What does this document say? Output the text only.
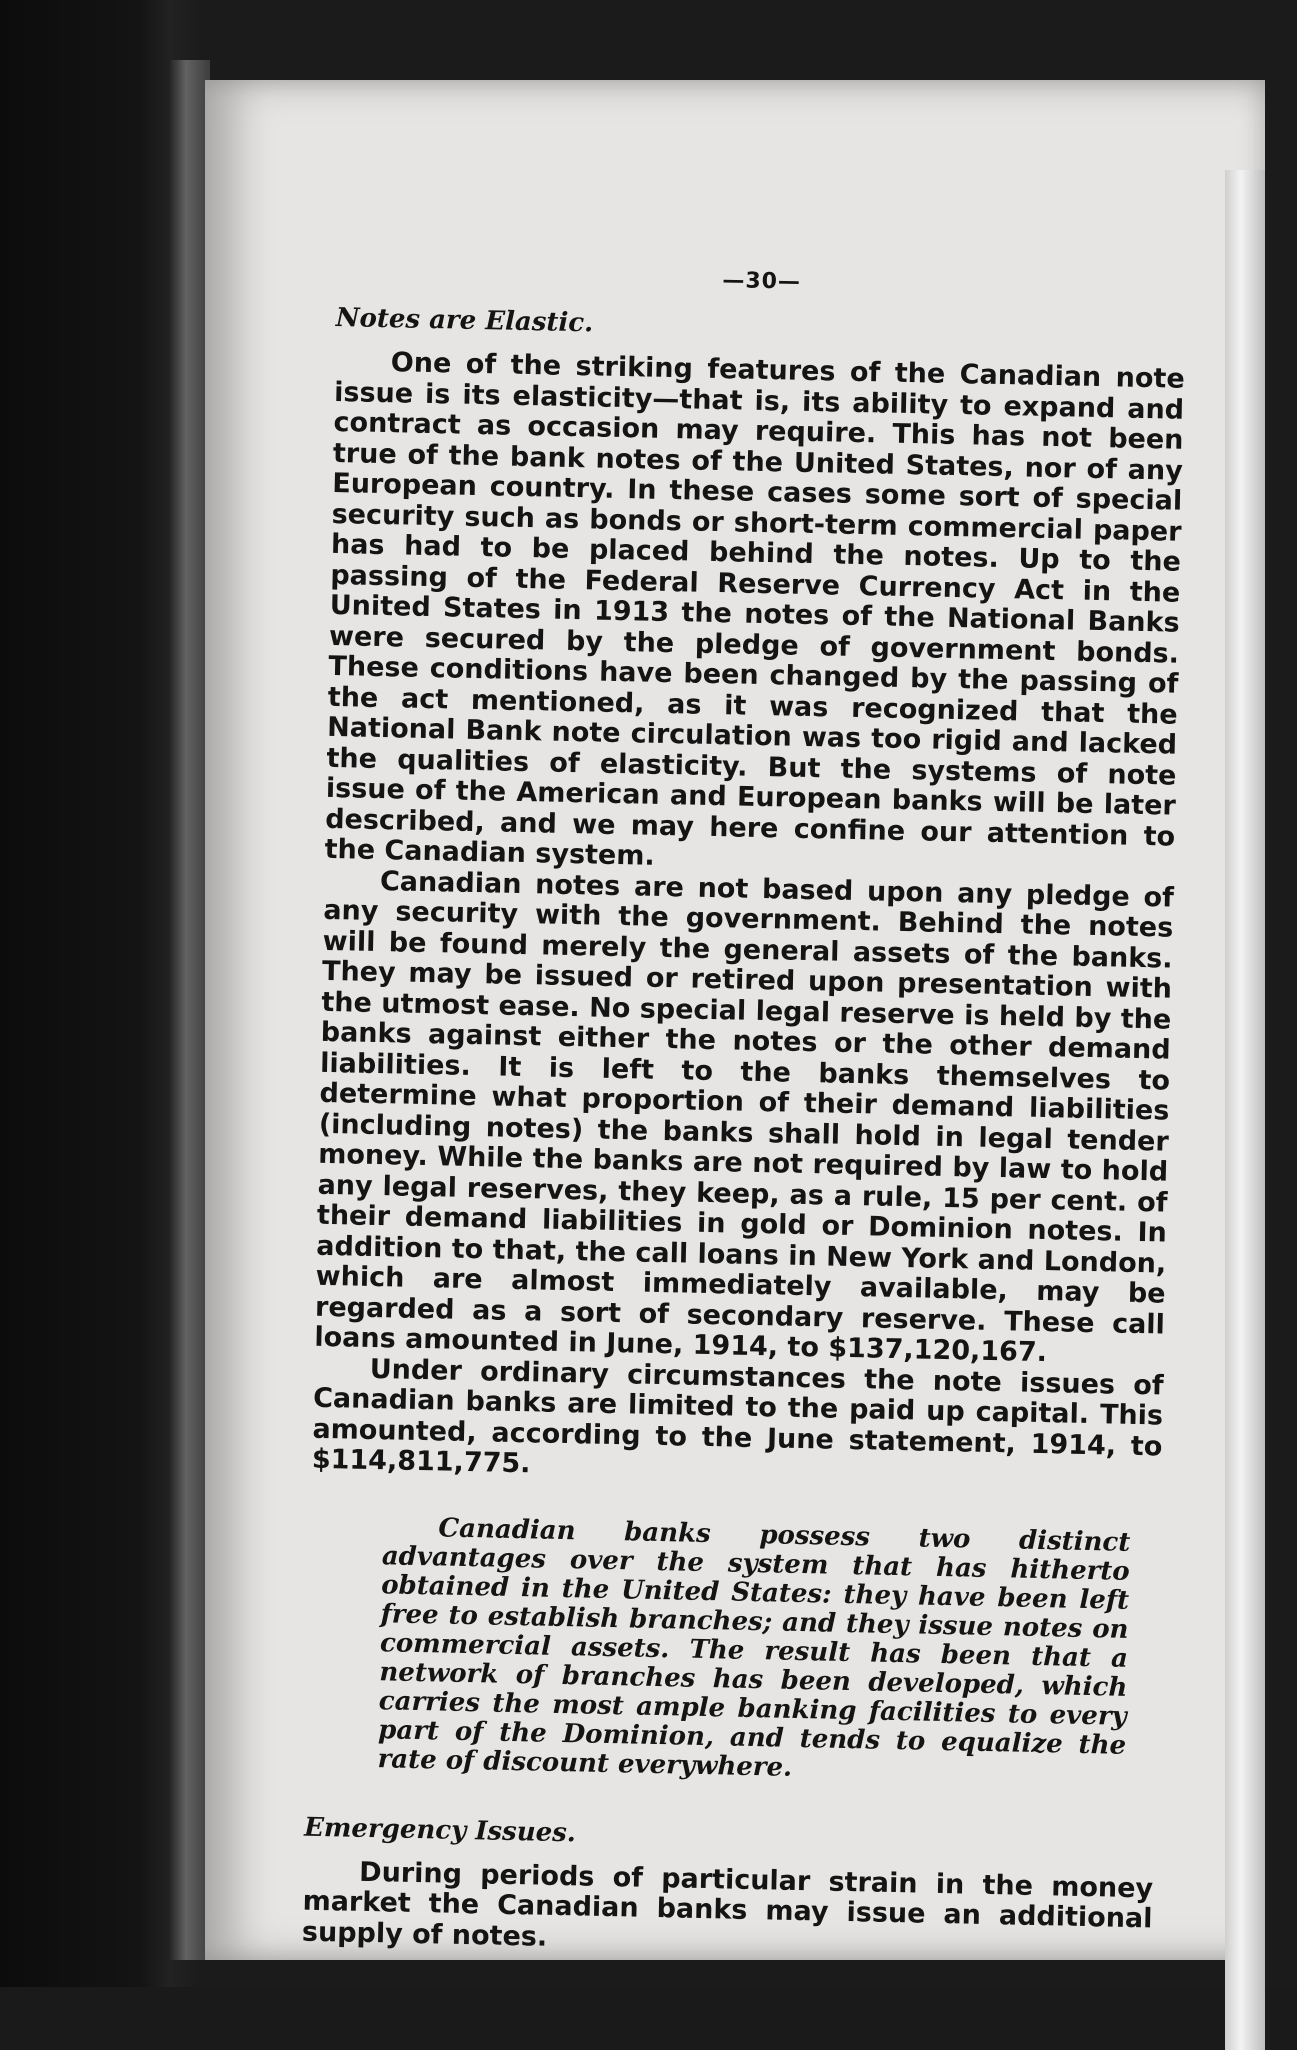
—30—

Notes are Elastic.

One of the striking features of the Canadian note issue is its elasticity—that is, its ability to expand and contract as occasion may require. This has not been true of the bank notes of the United States, nor of any European country. In these cases some sort of special security such as bonds or short-term commercial paper has had to be placed behind the notes. Up to the passing of the Federal Reserve Currency Act in the United States in 1913 the notes of the National Banks were secured by the pledge of government bonds. These conditions have been changed by the passing of the act mentioned, as it was recognized that the National Bank note circulation was too rigid and lacked the qualities of elasticity. But the systems of note issue of the American and European banks will be later described, and we may here confine our attention to the Canadian system.

Canadian notes are not based upon any pledge of any security with the government. Behind the notes will be found merely the general assets of the banks. They may be issued or retired upon presentation with the utmost ease. No special legal reserve is held by the banks against either the notes or the other demand liabilities. It is left to the banks themselves to determine what proportion of their demand liabilities (including notes) the banks shall hold in legal tender money. While the banks are not required by law to hold any legal reserves, they keep, as a rule, 15 per cent. of their demand liabilities in gold or Dominion notes. In addition to that, the call loans in New York and London, which are almost immediately available, may be regarded as a sort of secondary reserve. These call loans amounted in June, 1914, to $137,120,167.

Under ordinary circumstances the note issues of Canadian banks are limited to the paid up capital. This amounted, according to the June statement, 1914, to $114,811,775.

Canadian banks possess two distinct advantages over the system that has hitherto obtained in the United States: they have been left free to establish branches; and they issue notes on commercial assets. The result has been that a network of branches has been developed, which carries the most ample banking facilities to every part of the Dominion, and tends to equalize the rate of discount everywhere.

Emergency Issues.

During periods of particular strain in the money market the Canadian banks may issue an additional supply of notes.
